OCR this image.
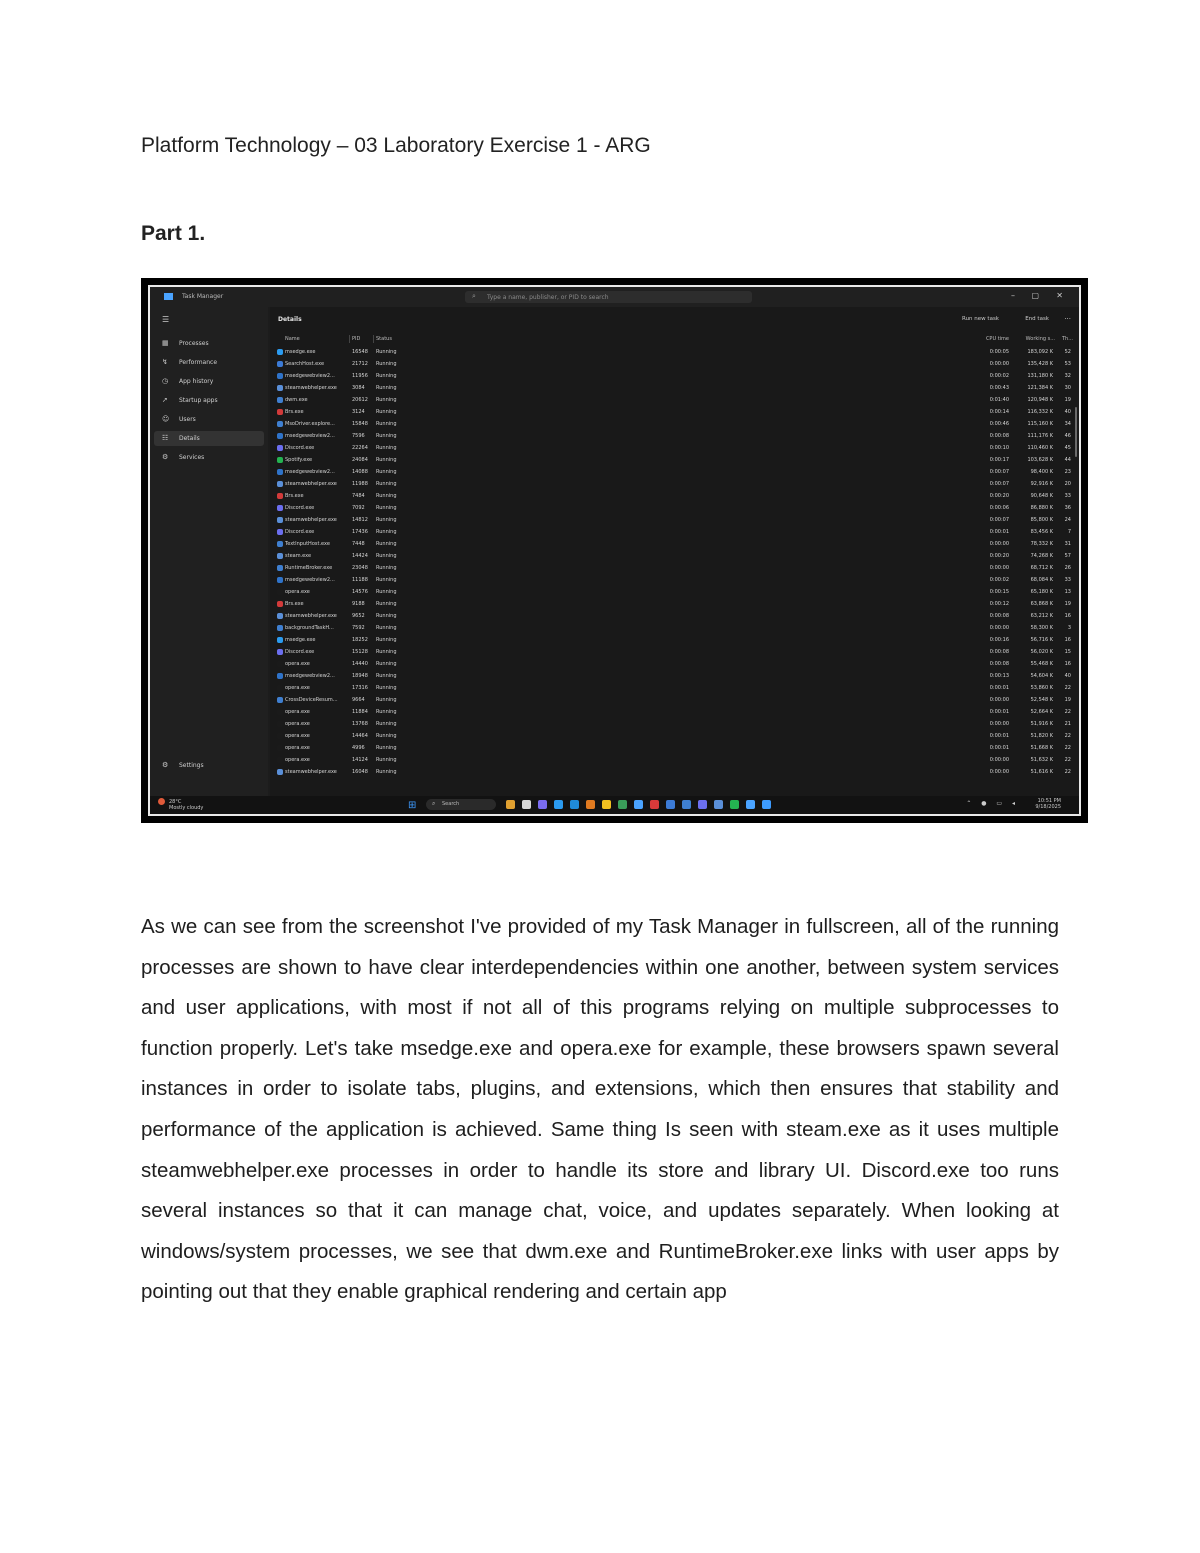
Platform Technology – 03 Laboratory Exercise 1 - ARG
Part 1.
Task Manager	⌕ Type a name, publisher, or PID to search	– ▢ ✕
☰
▦ Processes
↯ Performance
◷ App history
➚ Startup apps
☺ Users
☷ Details
⚙ Services
⚙ Settings
Details	Run new task	End task ···
Name	PID	Status	CPU time	Working s... Th...
msedge.exe	16548 Running	0:00:05	183,092 K 52
SearchHost.exe	21712 Running	0:00:00	135,428 K 53
msedgewebview2...	11956 Running	0:00:02	131,180 K 32
steamwebhelper.exe	3084 Running	0:00:43	121,384 K 30
dwm.exe	20612 Running	0:01:40	120,948 K 19
Brs.exe	3124 Running	0:00:14	116,332 K 40
MsoDriver.explore...	15848 Running	0:00:46	115,160 K 34
msedgewebview2...	7596 Running	0:00:08	111,176 K 46
Discord.exe	22264 Running	0:00:10	110,460 K 45
Spotify.exe	24084 Running	0:00:17	103,628 K 44
msedgewebview2...	14088 Running	0:00:07	98,400 K 23
steamwebhelper.exe	11988 Running	0:00:07	92,916 K 20
Brs.exe	7484 Running	0:00:20	90,648 K 33
Discord.exe	7092 Running	0:00:06	86,880 K 36
steamwebhelper.exe	14812 Running	0:00:07	85,800 K 24
Discord.exe	17436 Running	0:00:01	83,456 K	7
TextInputHost.exe	7448 Running	0:00:00	78,332 K 31
steam.exe	14424 Running	0:00:20	74,268 K 57
RuntimeBroker.exe	23048 Running	0:00:00	68,712 K 26
msedgewebview2...	11188 Running	0:00:02	68,084 K 33
opera.exe	14576 Running	0:00:15	65,180 K 13
Brs.exe	9188 Running	0:00:12	63,868 K 19
steamwebhelper.exe	9652 Running	0:00:08	63,212 K 16
backgroundTaskH...	7592 Running	0:00:00	58,300 K	3
msedge.exe	18252 Running	0:00:16	56,716 K 16
Discord.exe	15128 Running	0:00:08	56,020 K 15
opera.exe	14440 Running	0:00:08	55,468 K 16
msedgewebview2...	18948 Running	0:00:13	54,604 K 40
opera.exe	17316 Running	0:00:01	53,860 K 22
CrossDeviceResum...	9664 Running	0:00:00	52,548 K 19
opera.exe	11884 Running	0:00:01	52,664 K 22
opera.exe	13768 Running	0:00:00	51,916 K 21
opera.exe	14464 Running	0:00:01	51,820 K 22
opera.exe	4996 Running	0:00:01	51,668 K 22
opera.exe	14124 Running	0:00:00	51,632 K 22
steamwebhelper.exe	16048 Running	0:00:00	51,616 K 22
28°C
Mostly cloudy	⊞	⌕ Search	⌃ ● ▭ ◂	10:51 PM
9/18/2025

As we can see from the screenshot I've provided of my Task Manager in fullscreen, all of the running processes are shown to have clear interdependencies within one another, between system services and user applications, with most if not all of this programs relying on multiple subprocesses to function properly. Let's take msedge.exe and opera.exe for example, these browsers spawn several instances in order to isolate tabs, plugins, and extensions, which then ensures that stability and performance of the application is achieved. Same thing Is seen with steam.exe as it uses multiple steamwebhelper.exe processes in order to handle its store and library UI. Discord.exe too runs several instances so that it can manage chat, voice, and updates separately. When looking at windows/system processes, we see that dwm.exe and RuntimeBroker.exe links with user apps by pointing out that they enable graphical rendering and certain app
